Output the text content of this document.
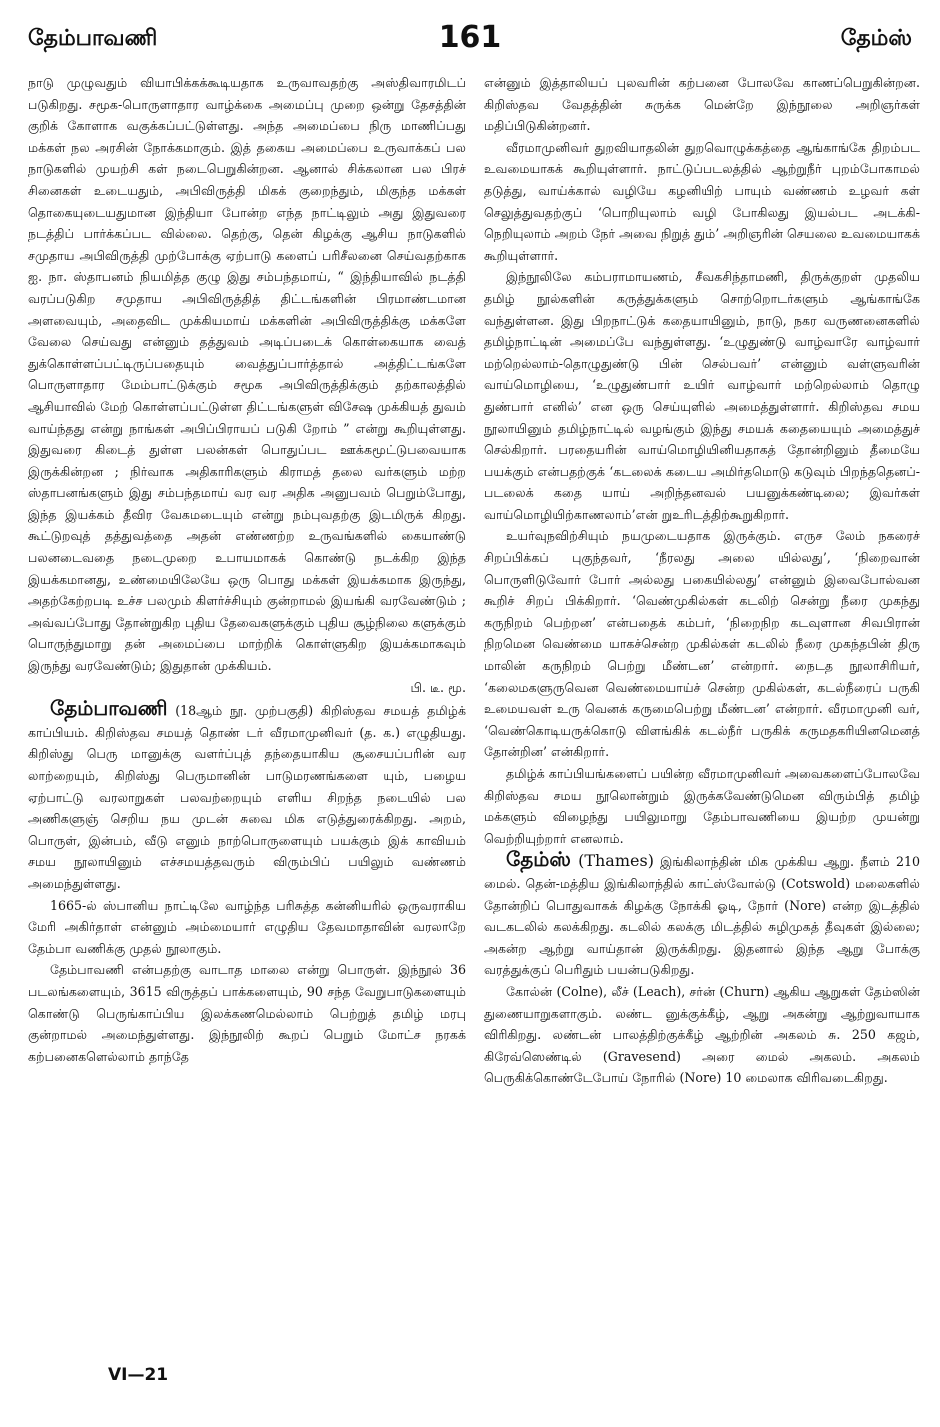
தேம்பாவணி	161	தேம்ஸ்

நாடு முழுவதும் வியாபிக்கக்கூடியதாக உருவாவதற்கு அஸ்திவாரமிடப் படுகிறது. சமூக-பொருளாதார வாழ்க்கை அமைப்பு முறை ஒன்று தேசத்தின் குறிக் கோளாக வகுக்கப்பட்டுள்ளது. அந்த அமைப்பை நிரு மாணிப்பது மக்கள் நல அரசின் நோக்கமாகும். இத் தகைய அமைப்பை உருவாக்கப் பல நாடுகளில் முயற்சி கள் நடைபெறுகின்றன. ஆனால் சிக்கலான பல பிரச் சினைகள் உடையதும், அபிவிருத்தி மிகக் குறைந்தும், மிகுந்த மக்கள் தொகையுடையதுமான இந்தியா போன்ற எந்த நாட்டிலும் அது இதுவரை நடத்திப் பார்க்கப்பட வில்லை. தெற்கு, தென் கிழக்கு ஆசிய நாடுகளில் சமுதாய அபிவிருத்தி முற்போக்கு ஏற்பாடு களைப் பரிசீலனை செய்வதற்காக ஐ. நா. ஸ்தாபனம் நியமித்த குழு இது சம்பந்தமாய், “ இந்தியாவில் நடத்தி வரப்படுகிற சமுதாய அபிவிருத்தித் திட்டங்களின் பிரமாண்டமான அளவையும், அதைவிட முக்கியமாய் மக்களின் அபிவிருத்திக்கு மக்களே வேலை செய்வது என்னும் தத்துவம் அடிப்படைக் கொள்கையாக வைத் துக்கொள்ளப்பட்டிருப்பதையும் வைத்துப்பார்த்தால் அத்திட்டங்களே பொருளாதார மேம்பாட்டுக்கும் சமூக அபிவிருத்திக்கும் தற்காலத்தில் ஆசியாவில் மேற் கொள்ளப்பட்டுள்ள திட்டங்களுள் விசேஷ முக்கியத் துவம் வாய்ந்தது என்று நாங்கள் அபிப்பிராயப் படுகி றோம் ” என்று கூறியுள்ளது. இதுவரை கிடைத் துள்ள பலன்கள் பொதுப்பட ஊக்கமூட்டுபவையாக இருக்கின்றன ; நிர்வாக அதிகாரிகளும் கிராமத் தலை வர்களும் மற்ற ஸ்தாபனங்களும் இது சம்பந்தமாய் வர வர அதிக அனுபவம் பெறும்போது, இந்த இயக்கம் தீவிர வேகமடையும் என்று நம்புவதற்கு இடமிருக் கிறது. கூட்டுறவுத் தத்துவத்தை அதன் எண்ணற்ற உருவங்களில் கையாண்டு பலனடைவதை நடைமுறை உபாயமாகக் கொண்டு நடக்கிற இந்த இயக்கமானது, உண்மையிலேயே ஒரு பொது மக்கள் இயக்கமாக இருந்து, அதற்கேற்றபடி உச்ச பலமும் கிளர்ச்சியும் குன்றாமல் இயங்கி வரவேண்டும் ; அவ்வப்போது தோன்றுகிற புதிய தேவைகளுக்கும் புதிய சூழ்நிலை களுக்கும் பொருந்துமாறு தன் அமைப்பை மாற்றிக் கொள்ளுகிற இயக்கமாகவும் இருந்து வரவேண்டும்; இதுதான் முக்கியம்.

பி. டீ. மூ.

தேம்பாவணி (18ஆம் நூ. முற்பகுதி) கிறிஸ்தவ சமயத் தமிழ்க் காப்பியம். கிறிஸ்தவ சமயத் தொண் டர் வீரமாமுனிவர் (த. க.) எழுதியது. கிறிஸ்து பெரு மானுக்கு வளர்ப்புத் தந்தையாகிய சூசையப்பரின் வர லாற்றையும், கிறிஸ்து பெருமானின் பாடுமரணங்களை யும், பழைய ஏற்பாட்டு வரலாறுகள் பலவற்றையும் எளிய சிறந்த நடையில் பல அணிகளுஞ் செறிய நய முடன் சுவை மிக எடுத்துரைக்கிறது. அறம், பொருள், இன்பம், வீடு எனும் நாற்பொருளையும் பயக்கும் இக் காவியம் சமய நூலாயினும் எச்சமயத்தவரும் விரும்பிப் பயிலும் வண்ணம் அமைந்துள்ளது.

1665-ல் ஸ்பானிய நாட்டிலே வாழ்ந்த பரிசுத்த கன்னியரில் ஒருவராகிய மேரி அகிர்தாள் என்னும் அம்மையார் எழுதிய தேவமாதாவின் வரலாறே தேம்பா வணிக்கு முதல் நூலாகும்.

தேம்பாவணி என்பதற்கு வாடாத மாலை என்று பொருள். இந்நூல் 36 படலங்களையும், 3615 விருத்தப் பாக்களையும், 90 சந்த வேறுபாடுகளையும் கொண்டு பெருங்காப்பிய இலக்கணமெல்லாம் பெற்றுத் தமிழ் மரபு குன்றாமல் அமைந்துள்ளது. இந்நூலிற் கூறப் பெறும் மோட்ச நரகக் கற்பனைகளெல்லாம் தாந்தே

என்னும் இத்தாலியப் புலவரின் கற்பனை போலவே காணப்பெறுகின்றன. கிறிஸ்தவ வேதத்தின் சுருக்க மென்றே இந்நூலை அறிஞர்கள் மதிப்பிடுகின்றனர்.

வீரமாமுனிவர் துறவியாதலின் துறவொழுக்கத்தை ஆங்காங்கே திறம்பட உவமையாகக் கூறியுள்ளார். நாட்டுப்படலத்தில் ஆற்றுநீர் புறம்போகாமல் தடுத்து, வாய்க்கால் வழியே கழனியிற் பாயும் வண்ணம் உழவர் கள் செலுத்துவதற்குப் ‘பொறியுலாம் வழி போகிலது இயல்பட அடக்கி-நெறியுலாம் அறம் நேர் அவை நிறுத் தும்’ அறிஞரின் செயலை உவமையாகக் கூறியுள்ளார்.

இந்நூலிலே கம்பராமாயணம், சீவகசிந்தாமணி, திருக்குறள் முதலிய தமிழ் நூல்களின் கருத்துக்களும் சொற்றொடர்களும் ஆங்காங்கே வந்துள்ளன. இது பிறநாட்டுக் கதையாயினும், நாடு, நகர வருணனைகளில் தமிழ்நாட்டின் அமைப்பே வந்துள்ளது. ‘உழுதுண்டு வாழ்வாரே வாழ்வார் மற்றெல்லாம்-தொழுதுண்டு பின் செல்பவர்’ என்னும் வள்ளுவரின் வாய்மொழியை, ‘உழுதுண்பார் உயிர் வாழ்வார் மற்றெல்லாம் தொழு துண்பார் எனில்’ என ஒரு செய்யுளில் அமைத்துள்ளார். கிறிஸ்தவ சமய நூலாயினும் தமிழ்நாட்டில் வழங்கும் இந்து சமயக் கதையையும் அமைத்துச் செல்கிறார். பரதையரின் வாய்மொழியினியதாகத் தோன்றினும் தீமையே பயக்கும் என்பதற்குக் ‘கடலைக் கடைய அமிர்தமொடு கடுவும் பிறந்ததெனப்-படலைக் கதை யாய் அறிந்தனவல் பயனுக்கண்டிலை; இவர்கள் வாய்மொழியிற்காணலாம்’என் றுஉரிடத்திற்கூறுகிறார்.

உயர்வுநவிற்சியும் நயமுடையதாக இருக்கும். எருச லேம் நகரைச் சிறப்பிக்கப் புகுந்தவர், ‘நீரலது அலை யில்லது’, ‘நிறைவான் பொருளிடுவோர் போர் அல்லது பகையில்லது’ என்னும் இவைபோல்வன கூறிச் சிறப் பிக்கிறார். ‘வெண்முகில்கள் கடலிற் சென்று நீரை முகந்து கருநிறம் பெற்றன’ என்பதைக் கம்பர், ‘நிறைநிற கடவுளான சிவபிரான் நிறமென வெண்மை யாகச்சென்ற முகில்கள் கடலில் நீரை முகந்தபின் திரு மாலின் கருநிறம் பெற்று மீண்டன’ என்றார். நைடத நூலாசிரியர், ‘கலைமகளுருவென வெண்மையாய்ச் சென்ற முகில்கள், கடல்நீரைப் பருகி உமையவள் உரு வெனக் கருமைபெற்று மீண்டன’ என்றார். வீரமாமுனி வர், ‘வெண்கொடியருக்கொடு விளங்கிக் கடல்நீர் பருகிக் கருமதகரியினமெனத் தோன்றின’ என்கிறார்.

தமிழ்க் காப்பியங்களைப் பயின்ற வீரமாமுனிவர் அவைகளைப்போலவே கிறிஸ்தவ சமய நூலொன்றும் இருக்கவேண்டுமென விரும்பித் தமிழ் மக்களும் விழைந்து பயிலுமாறு தேம்பாவணியை இயற்ற முயன்று வெற்றியுற்றார் எனலாம்.

தேம்ஸ் (Thames) இங்கிலாந்தின் மிக முக்கிய ஆறு. நீளம் 210 மைல். தென்-மத்திய இங்கிலாந்தில் காட்ஸ்வோல்டு (Cotswold) மலைகளில் தோன்றிப் பொதுவாகக் கிழக்கு நோக்கி ஓடி, நோர் (Nore) என்ற இடத்தில் வடகடலில் கலக்கிறது. கடலில் கலக்கு மிடத்தில் சுழிமுகத் தீவுகள் இல்லை; அகன்ற ஆற்று வாய்தான் இருக்கிறது. இதனால் இந்த ஆறு போக்கு வரத்துக்குப் பெரிதும் பயன்படுகிறது.

கோல்ன் (Colne), லீச் (Leach), சர்ன் (Churn) ஆகிய ஆறுகள் தேம்ஸின் துணையாறுகளாகும். லண்ட னுக்குக்கீழ், ஆறு அகன்று ஆற்றுவாயாக விரிகிறது. லண்டன் பாலத்திற்குக்கீழ் ஆற்றின் அகலம் சு. 250 கஜம், கிரேவ்ஸெண்டில் (Gravesend) அரை மைல் அகலம். அகலம் பெருகிக்கொண்டேபோய் நோரில் (Nore) 10 மைலாக விரிவடைகிறது.

VI—21
